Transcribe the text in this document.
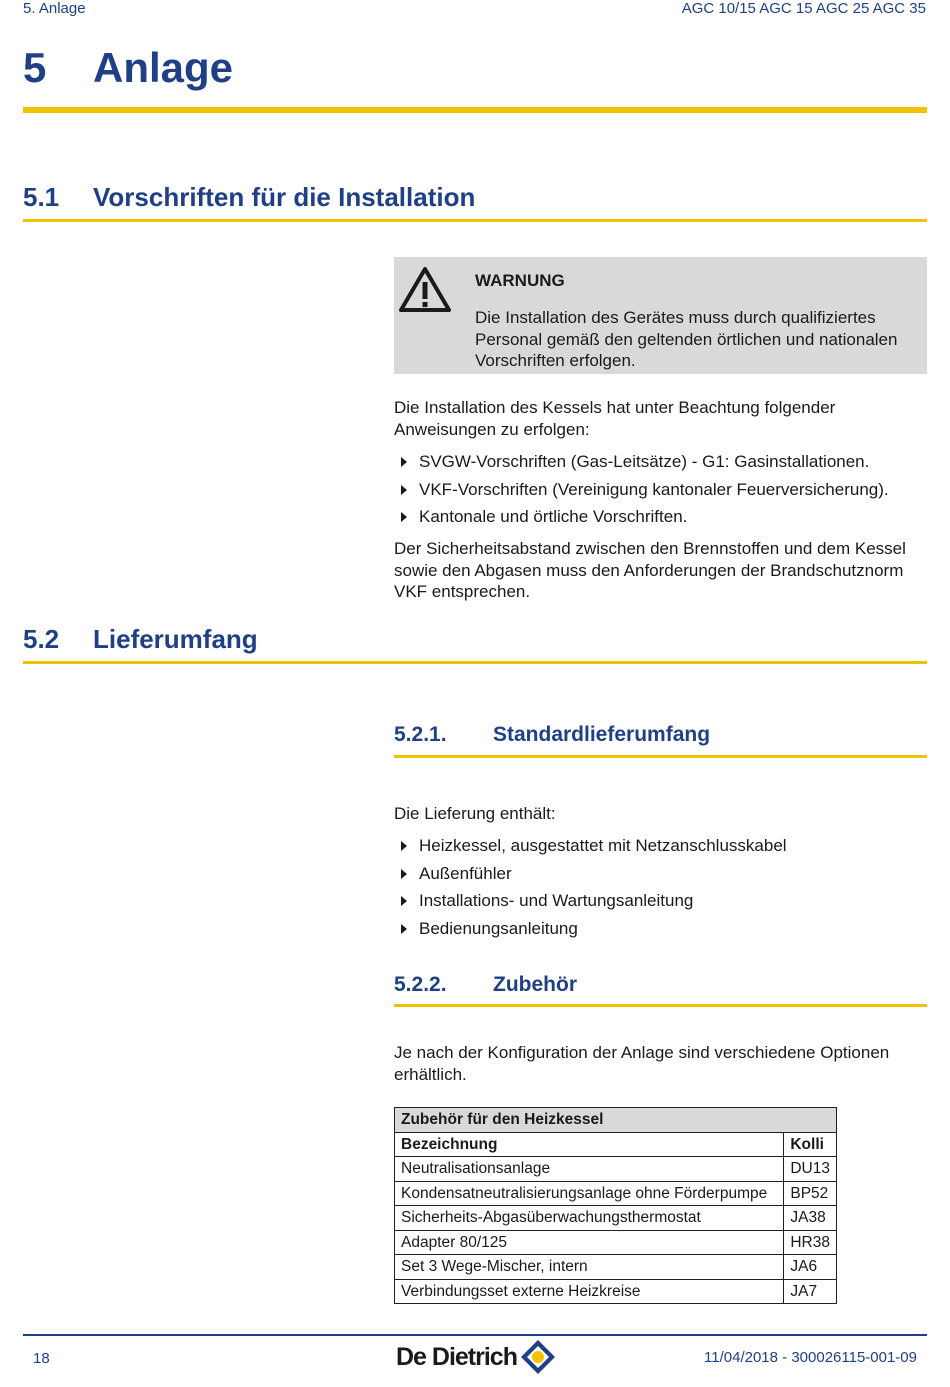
5. Anlage	AGC 10/15 AGC 15 AGC 25 AGC 35
5 Anlage
5.1 Vorschriften für die Installation
WARNUNG
Die Installation des Gerätes muss durch qualifiziertes Personal gemäß den geltenden örtlichen und nationalen Vorschriften erfolgen.
Die Installation des Kessels hat unter Beachtung folgender Anweisungen zu erfolgen:
SVGW-Vorschriften (Gas-Leitsätze) - G1: Gasinstallationen.
VKF-Vorschriften (Vereinigung kantonaler Feuerversicherung).
Kantonale und örtliche Vorschriften.
Der Sicherheitsabstand zwischen den Brennstoffen und dem Kessel sowie den Abgasen muss den Anforderungen der Brandschutznorm VKF entsprechen.
5.2 Lieferumfang
5.2.1. Standardlieferumfang
Die Lieferung enthält:
Heizkessel, ausgestattet mit Netzanschlusskabel
Außenfühler
Installations- und Wartungsanleitung
Bedienungsanleitung
5.2.2. Zubehör
Je nach der Konfiguration der Anlage sind verschiedene Optionen erhältlich.
Zubehör für den Heizkessel	
Bezeichnung	Kolli
Neutralisationsanlage	DU13
Kondensatneutralisierungsanlage ohne Förderpumpe	BP52
Sicherheits-Abgasüberwachungsthermostat	JA38
Adapter 80/125	HR38
Set 3 Wege-Mischer, intern	JA6
Verbindungsset externe Heizkreise	JA7
18	De Dietrich	11/04/2018 - 300026115-001-09
